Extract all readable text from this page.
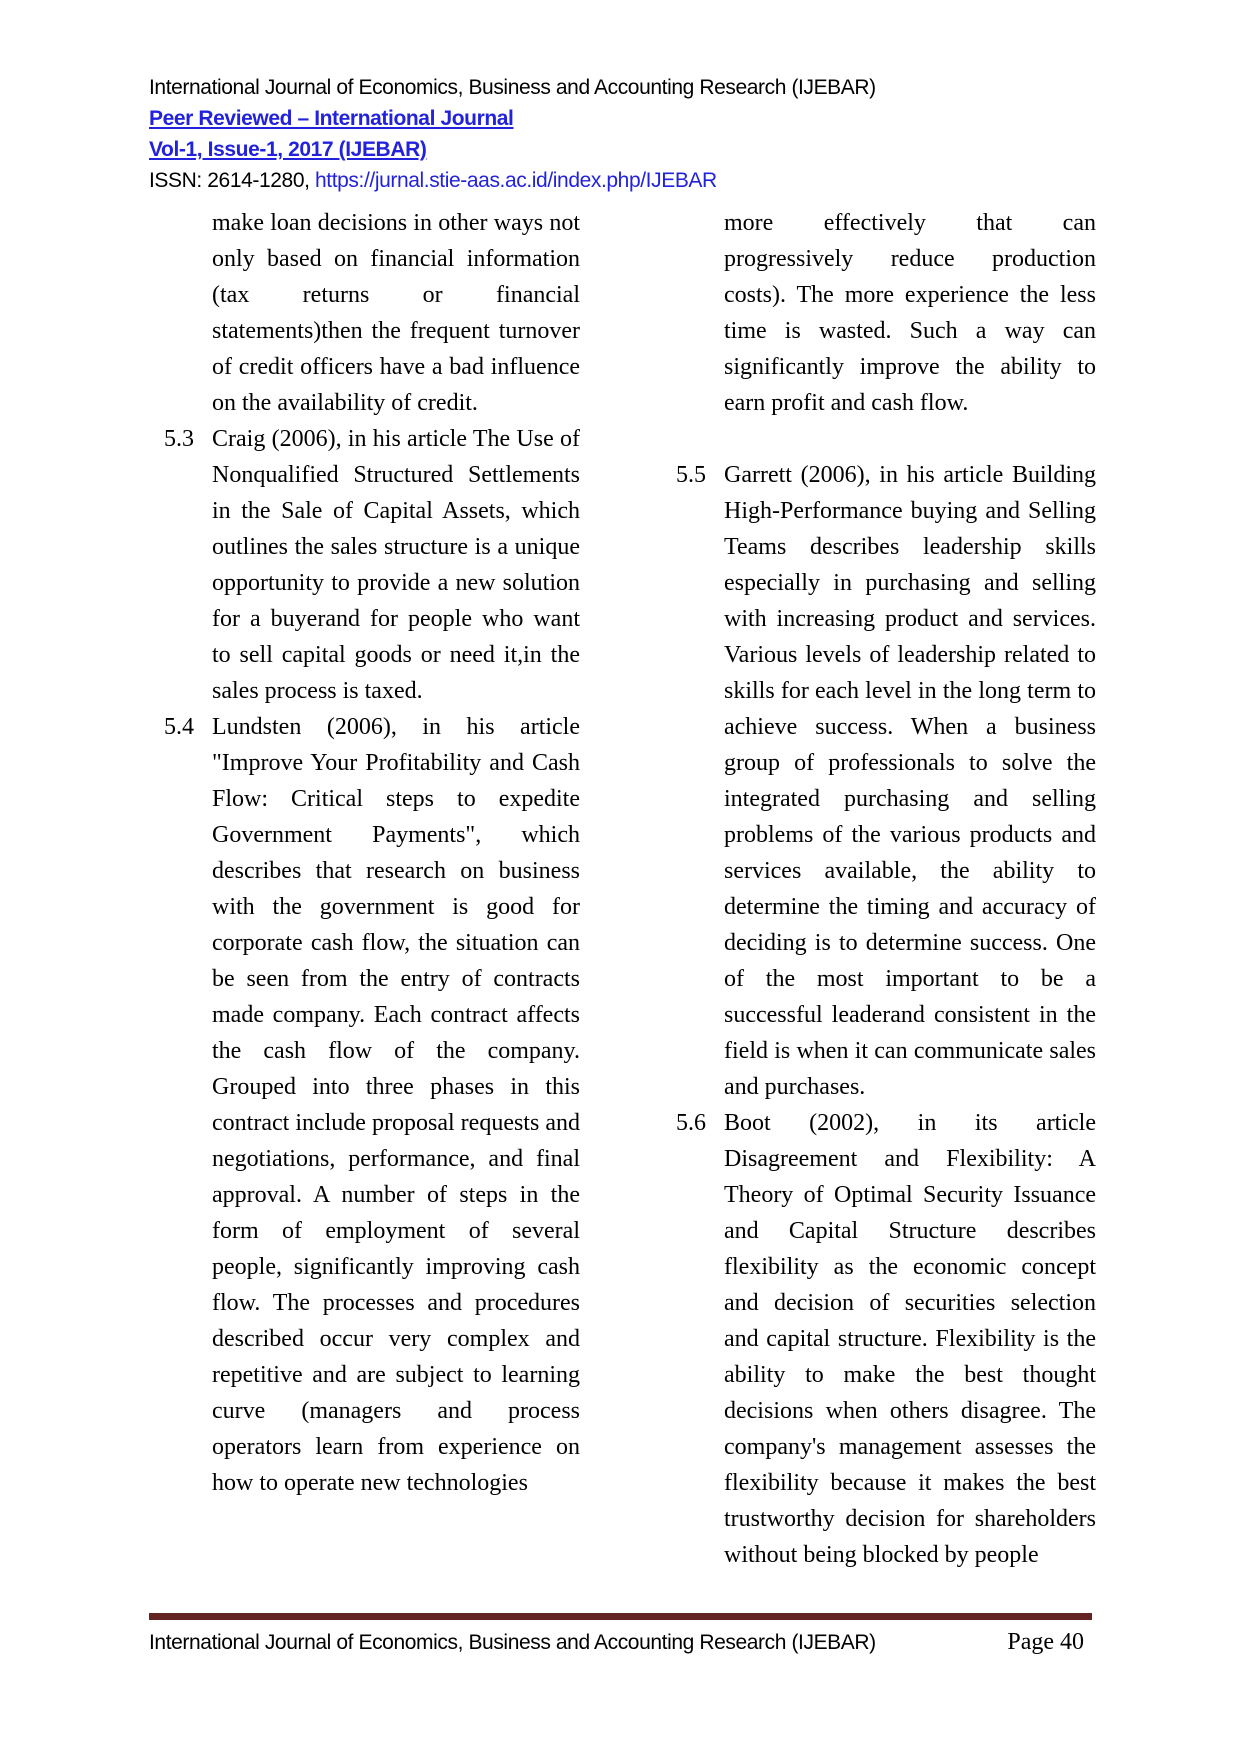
International Journal of Economics, Business and Accounting Research (IJEBAR)
Peer Reviewed – International Journal
Vol-1, Issue-1, 2017 (IJEBAR)
ISSN: 2614-1280, https://jurnal.stie-aas.ac.id/index.php/IJEBAR

make loan decisions in other ways not only based on financial information (tax returns or financial statements)then the frequent turnover of credit officers have a bad influence on the availability of credit.

5.3 Craig (2006), in his article The Use of Nonqualified Structured Settlements in the Sale of Capital Assets, which outlines the sales structure is a unique opportunity to provide a new solution for a buyerand for people who want to sell capital goods or need it,in the sales process is taxed.

5.4 Lundsten (2006), in his article "Improve Your Profitability and Cash Flow: Critical steps to expedite Government Payments", which describes that research on business with the government is good for corporate cash flow, the situation can be seen from the entry of contracts made company. Each contract affects the cash flow of the company. Grouped into three phases in this contract include proposal requests and negotiations, performance, and final approval. A number of steps in the form of employment of several people, significantly improving cash flow. The processes and procedures described occur very complex and repetitive and are subject to learning curve (managers and process operators learn from experience on how to operate new technologies

more effectively that can progressively reduce production costs). The more experience the less time is wasted. Such a way can significantly improve the ability to earn profit and cash flow.

5.5 Garrett (2006), in his article Building High-Performance buying and Selling Teams describes leadership skills especially in purchasing and selling with increasing product and services. Various levels of leadership related to skills for each level in the long term to achieve success. When a business group of professionals to solve the integrated purchasing and selling problems of the various products and services available, the ability to determine the timing and accuracy of deciding is to determine success. One of the most important to be a successful leaderand consistent in the field is when it can communicate sales and purchases.

5.6 Boot (2002), in its article Disagreement and Flexibility: A Theory of Optimal Security Issuance and Capital Structure describes flexibility as the economic concept and decision of securities selection and capital structure. Flexibility is the ability to make the best thought decisions when others disagree. The company's management assesses the flexibility because it makes the best trustworthy decision for shareholders without being blocked by people

International Journal of Economics, Business and Accounting Research (IJEBAR)	Page 40
